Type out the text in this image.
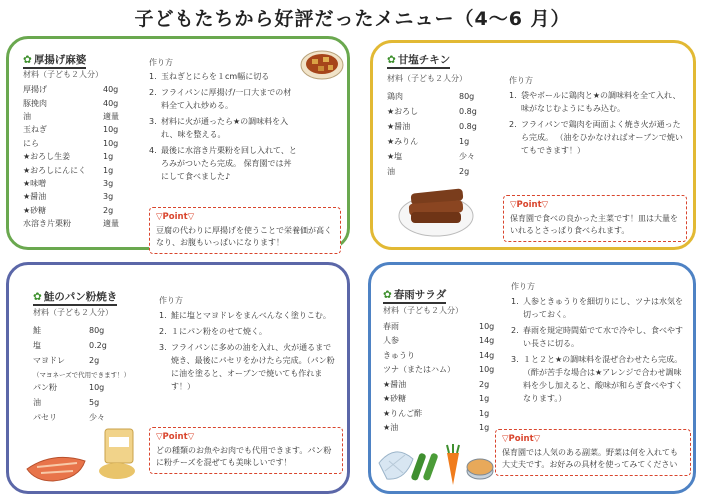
子どもたちから好評だったメニュー（4～6 月）
✿ 厚揚げ麻婆
材料（子ども２人分）
厚揚げ	40g
豚挽肉	40g
油	適量
玉ねぎ	10g
にら	10g
★おろし生姜	1g
★おろしにんにく 1g
★味噌	3g
★醤油	3g
★砂糖	2g
水溶き片栗粉	適量
作り方
1. 玉ねぎとにらを１cm幅に切る
2. フライパンに厚揚げ/一口大までの材料全て入れ炒める。
3. 材料に火が通ったら★の調味料を入れ、味を整える。
4. 最後に水溶き片栗粉を回し入れて、とろみがついたら完成。 保育園では丼にして食べました♪
▽Point▽
豆腐の代わりに厚揚げを使うことで栄養価が高くなり、お腹もいっぱいになります！
✿ 甘塩チキン
材料（子ども２人分）
鶏肉	80g
★おろし	0.8g
★醤油	0.8g
★みりん	1g
★塩	少々
油	2g
作り方
1. 袋やボールに鶏肉と★の調味料を全て入れ、味がなじむようにもみ込む。
2. フライパンで鶏肉を両面よく焼き火が通ったら完成。 （油をひかなければオーブンで焼いてもできます！）
▽Point▽
保育園で食べの良かった主菜です！皿は大量をいれるとさっぱり食べられます。
✿ 鮭のパン粉焼き
材料（子ども２人分）
鮭	80g
塩	0.2g
マヨドレ	2g
（マヨネーズで代用できます！）
パン粉	10g
油	5g
パセリ	少々
作り方
1. 鮭に塩とマヨドレをまんべんなく塗りこむ。
2. １にパン粉をのせて焼く。
3. フライパンに多めの油を入れ、火が通るまで焼き、最後にパセリをかけたら完成。（パン粉に油を塗ると、オーブンで焼いても作れます！）
▽Point▽
どの種類のお魚やお肉でも代用できます。パン粉に粉チーズを混ぜても美味しいです！
✿ 春雨サラダ
材料（子ども２人分）
春雨	10g
人参	14g
きゅうり	14g
ツナ（またはハム）	10g
★醤油	2g
★砂糖	1g
★りんご酢	1g
★油	1g
作り方
1. 人参ときゅうりを細切りにし、ツナは水気を切っておく。
2. 春雨を規定時間茹でて水で冷やし、食べやすい長さに切る。
3. １と２と★の調味料を混ぜ合わせたら完成。（酢が苦手な場合は★アレンジで合わせ調味料を少し加えると、酸味が和らぎ食べやすくなります。）
▽Point▽
保育園では人気のある副菜。野菜は何を入れても大丈夫です。お好みの具材を使ってみてください
